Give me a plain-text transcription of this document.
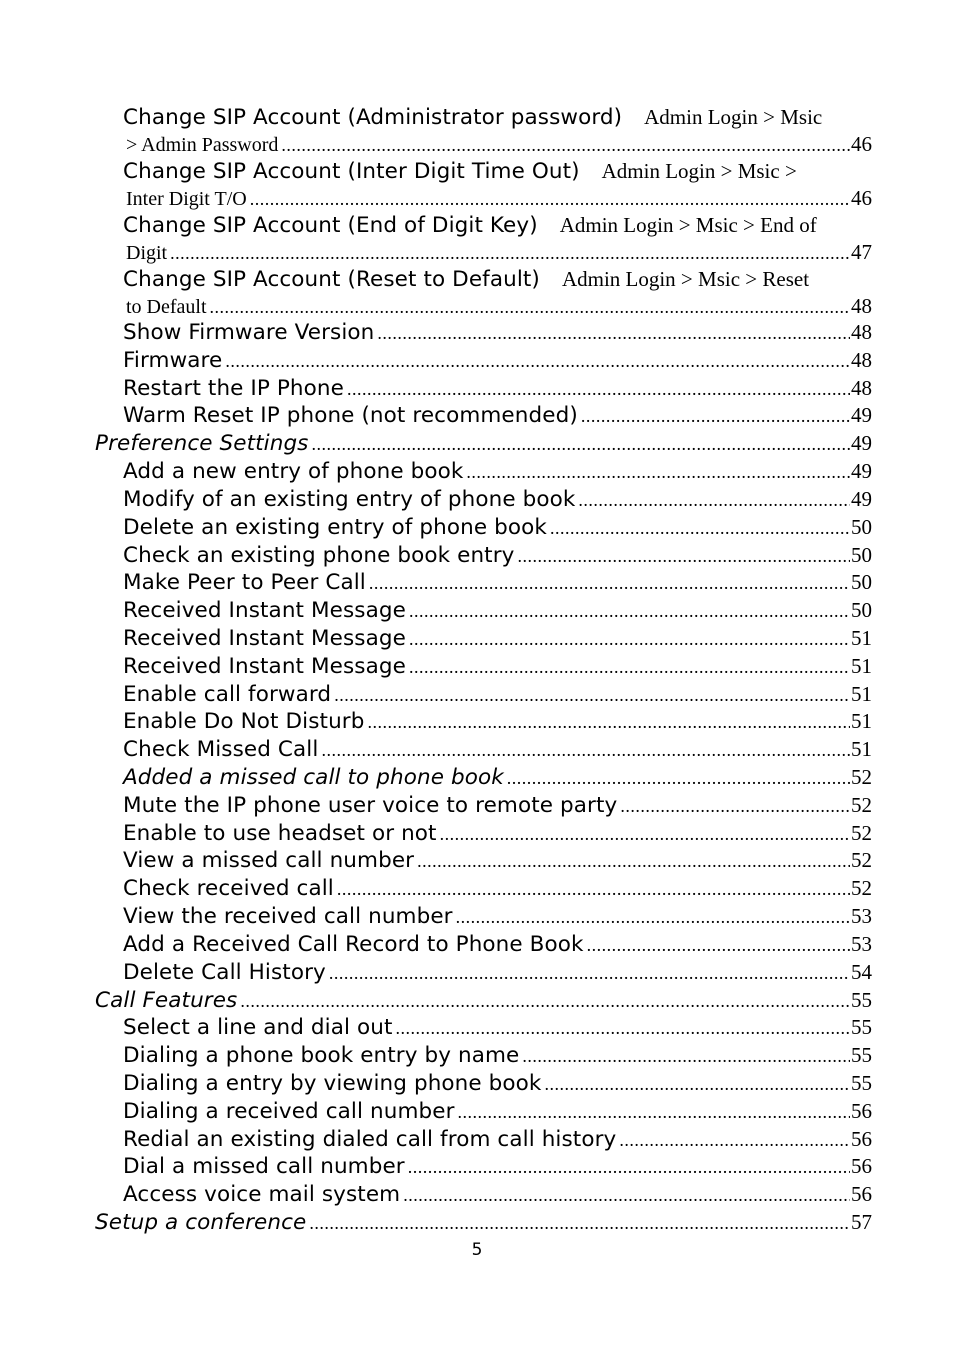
Change SIP Account (Administrator password) Admin Login > Msic
> Admin Password .....	46
Change SIP Account (Inter Digit Time Out) Admin Login > Msic >
Inter Digit T/O .....	46
Change SIP Account (End of Digit Key) Admin Login > Msic > End of
Digit .....	47
Change SIP Account (Reset to Default) Admin Login > Msic > Reset
to Default .....	48
Show Firmware Version .....	48
Firmware .....	48
Restart the IP Phone .....	48
Warm Reset IP phone (not recommended) .....	49
Preference Settings .....	49
Add a new entry of phone book .....	49
Modify of an existing entry of phone book .....	49
Delete an existing entry of phone book .....	50
Check an existing phone book entry .....	50
Make Peer to Peer Call .....	50
Received Instant Message .....	50
Received Instant Message .....	51
Received Instant Message .....	51
Enable call forward .....	51
Enable Do Not Disturb .....	51
Check Missed Call .....	51
Added a missed call to phone book .....	52
Mute the IP phone user voice to remote party .....	52
Enable to use headset or not .....	52
View a missed call number .....	52
Check received call .....	52
View the received call number .....	53
Add a Received Call Record to Phone Book .....	53
Delete Call History .....	54
Call Features .....	55
Select a line and dial out .....	55
Dialing a phone book entry by name .....	55
Dialing a entry by viewing phone book .....	55
Dialing a received call number .....	56
Redial an existing dialed call from call history .....	56
Dial a missed call number .....	56
Access voice mail system .....	56
Setup a conference .....	57
5
